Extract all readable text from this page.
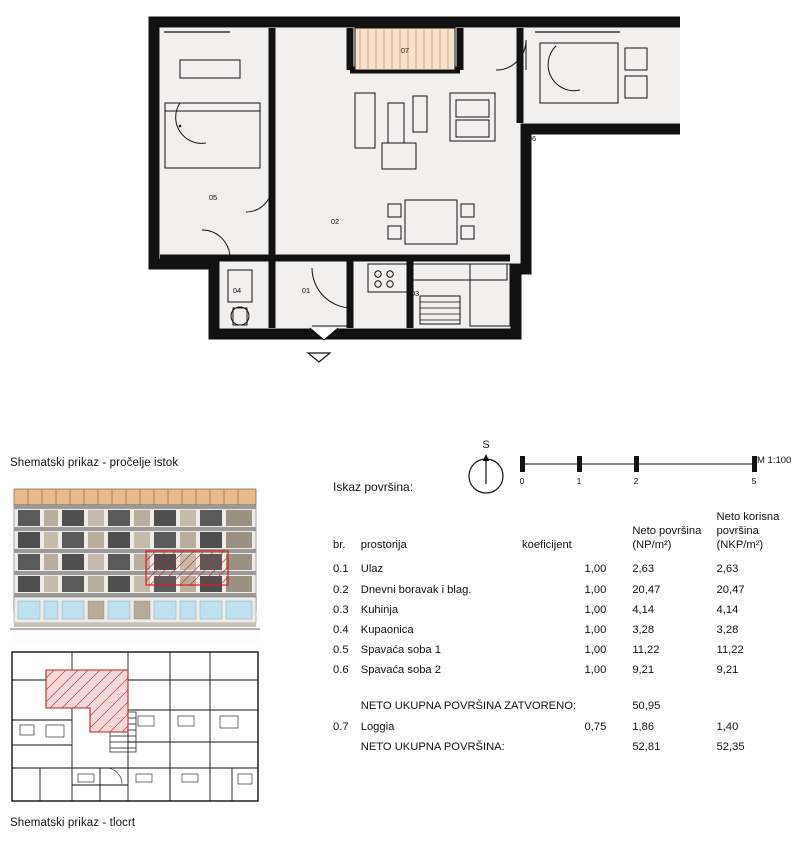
01
02
03
04
05
06
07
Shematski prikaz - pročelje istok
Shematski prikaz - tlocrt
S
0	1	2	5
M 1:100
Iskaz površina:
br.	prostorija	koeficijent	Neto površina
(NP/m²)	Neto korisna
površina
(NKP/m²)
0.1	Ulaz	1,00	2,63	2,63
0.2	Dnevni boravak i blag.	1,00	20,47	20,47
0.3	Kuhinja	1,00	4,14	4,14
0.4	Kupaonica	1,00	3,28	3,28
0.5	Spavaća soba 1	1,00	11,22	11,22
0.6	Spavaća soba 2	1,00	9,21	9,21

	NETO UKUPNA POVRŠINA ZATVORENO:		50,95	
0.7	Loggia	0,75	1,86	1,40
	NETO UKUPNA POVRŠINA:		52,81	52,35
